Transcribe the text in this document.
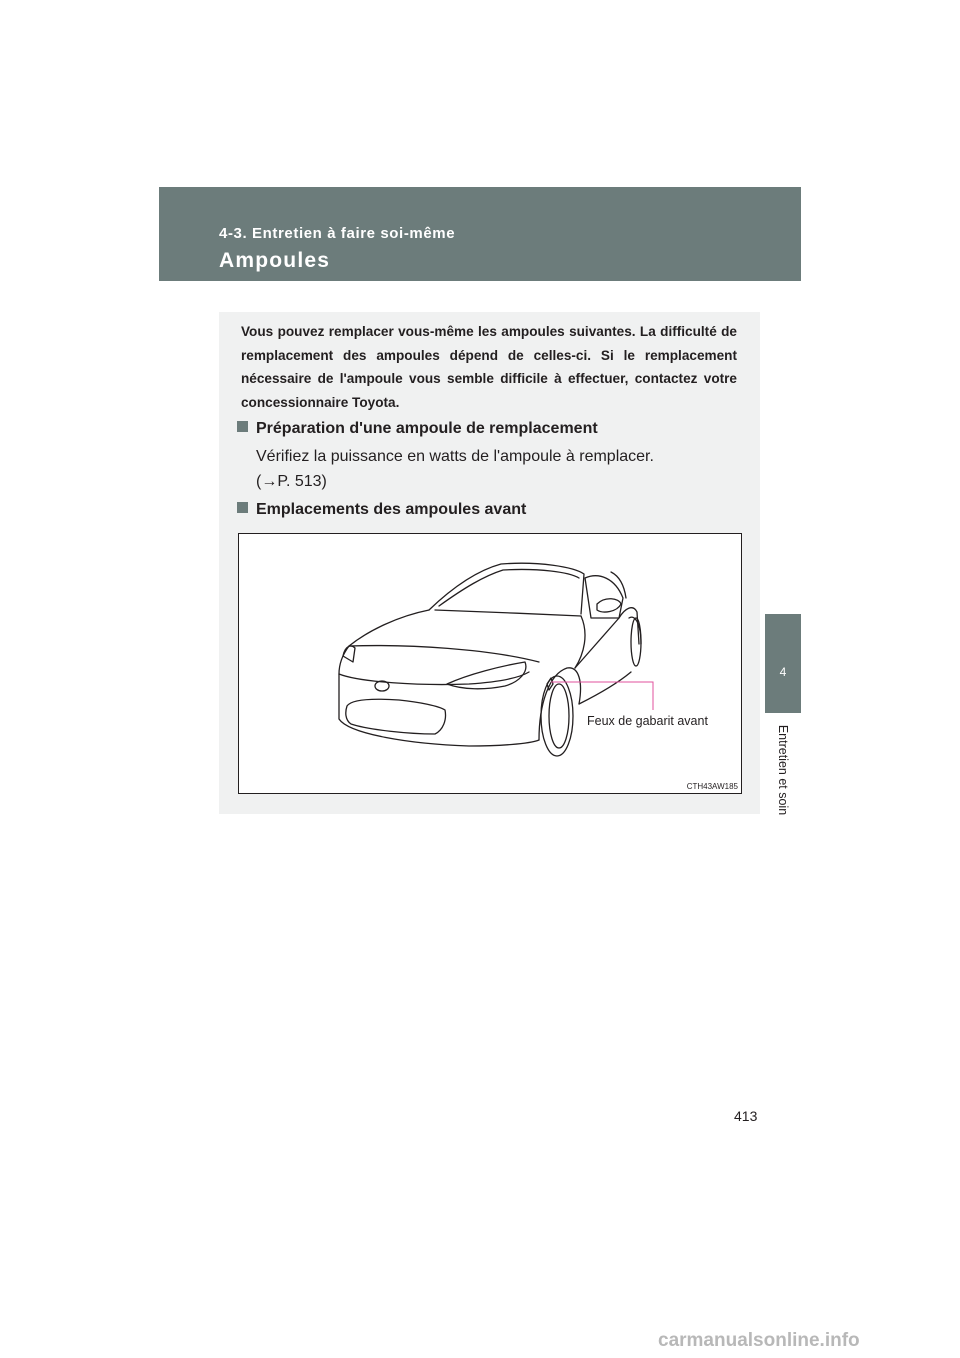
4-3. Entretien à faire soi-même
Ampoules
4
Entretien et soin
Vous pouvez remplacer vous-même les ampoules suivantes. La difficulté de remplacement des ampoules dépend de celles-ci. Si le remplacement nécessaire de l'ampoule vous semble difficile à effectuer, contactez votre concessionnaire Toyota.
Préparation d'une ampoule de remplacement
Vérifiez la puissance en watts de l'ampoule à remplacer.
(→P. 513)
Emplacements des ampoules avant
Feux de gabarit avant
CTH43AW185
413
carmanualsonline.info
